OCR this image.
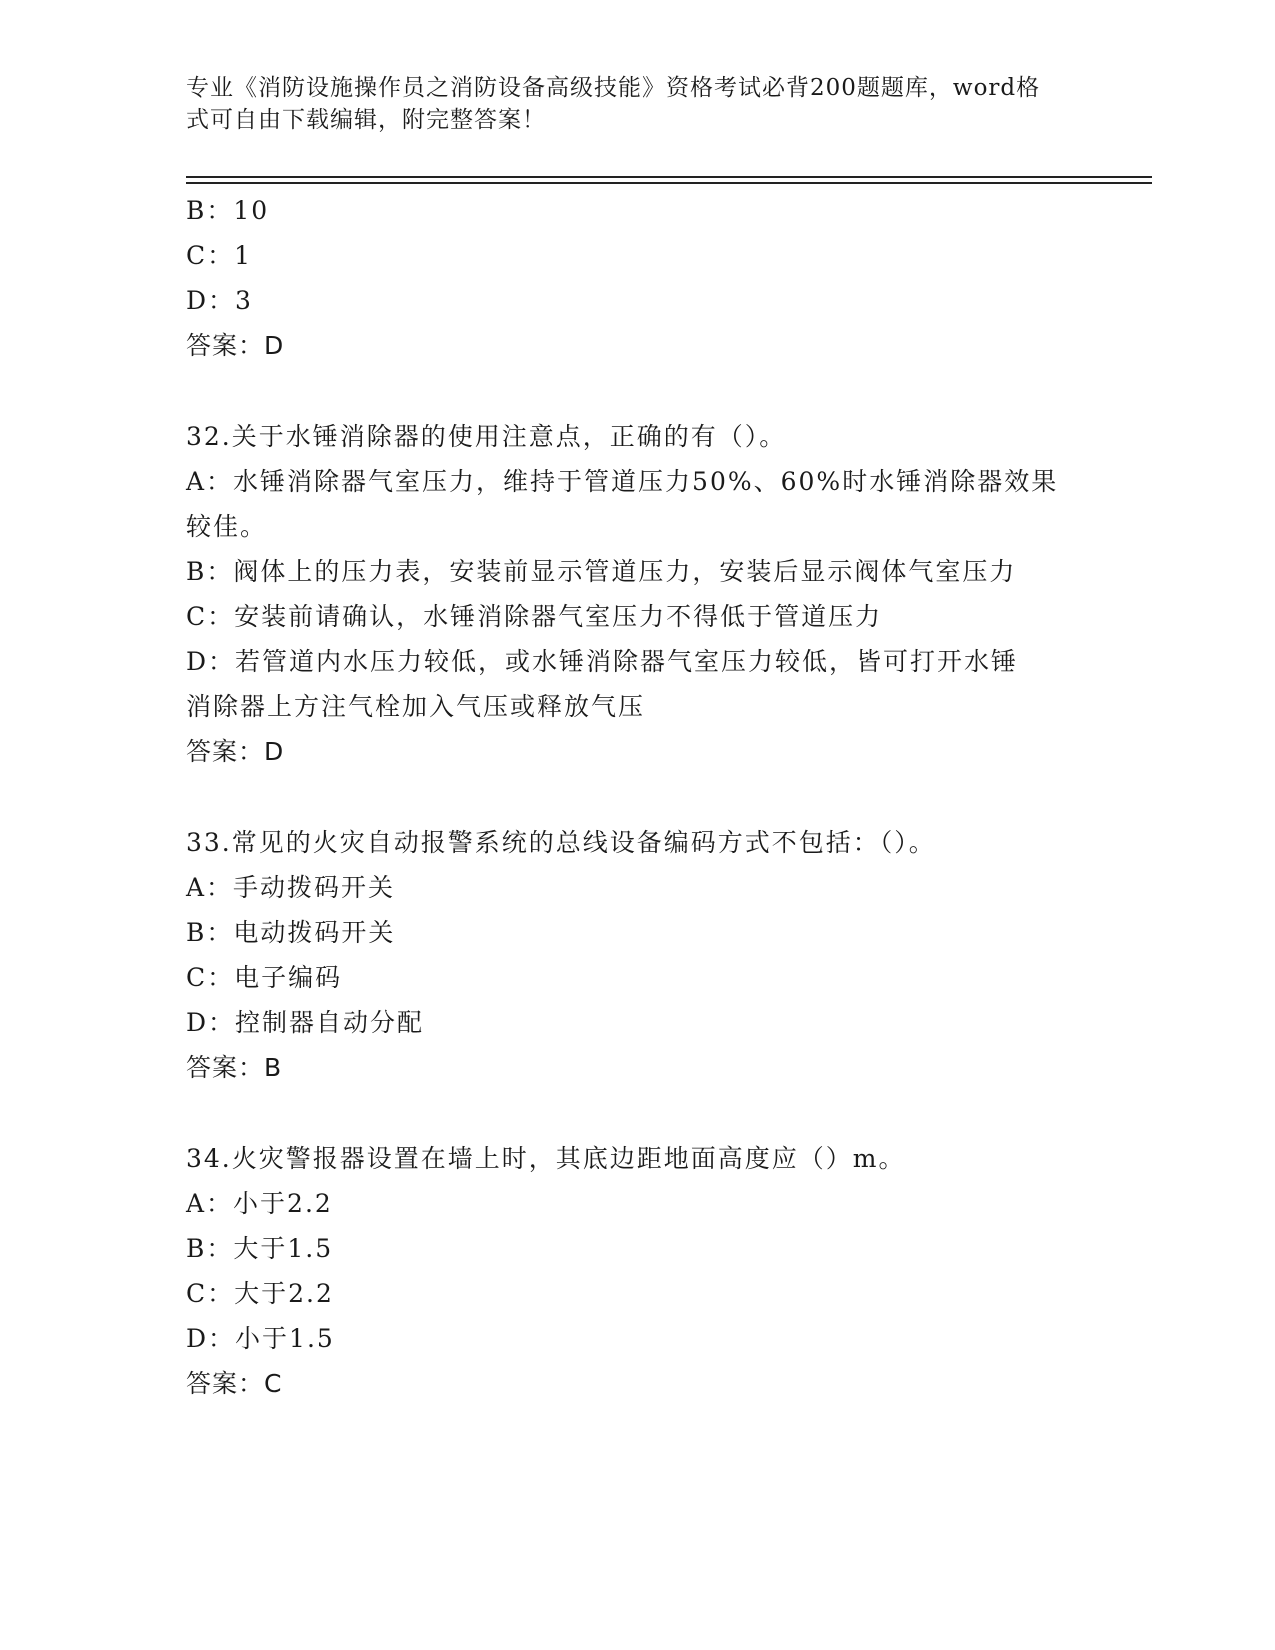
专业《消防设施操作员之消防设备高级技能》资格考试必背200题题库，word格
式可自由下载编辑，附完整答案！
B：10
C：1
D：3
答案：D
32.关于水锤消除器的使用注意点，正确的有（）。
A：水锤消除器气室压力，维持于管道压力50%、60%时水锤消除器效果
较佳。
B：阀体上的压力表，安装前显示管道压力，安装后显示阀体气室压力
C：安装前请确认，水锤消除器气室压力不得低于管道压力
D：若管道内水压力较低，或水锤消除器气室压力较低，皆可打开水锤
消除器上方注气栓加入气压或释放气压
答案：D
33.常见的火灾自动报警系统的总线设备编码方式不包括：（）。
A：手动拨码开关
B：电动拨码开关
C：电子编码
D：控制器自动分配
答案：B
34.火灾警报器设置在墙上时，其底边距地面高度应（）m。
A：小于2.2
B：大于1.5
C：大于2.2
D：小于1.5
答案：C
